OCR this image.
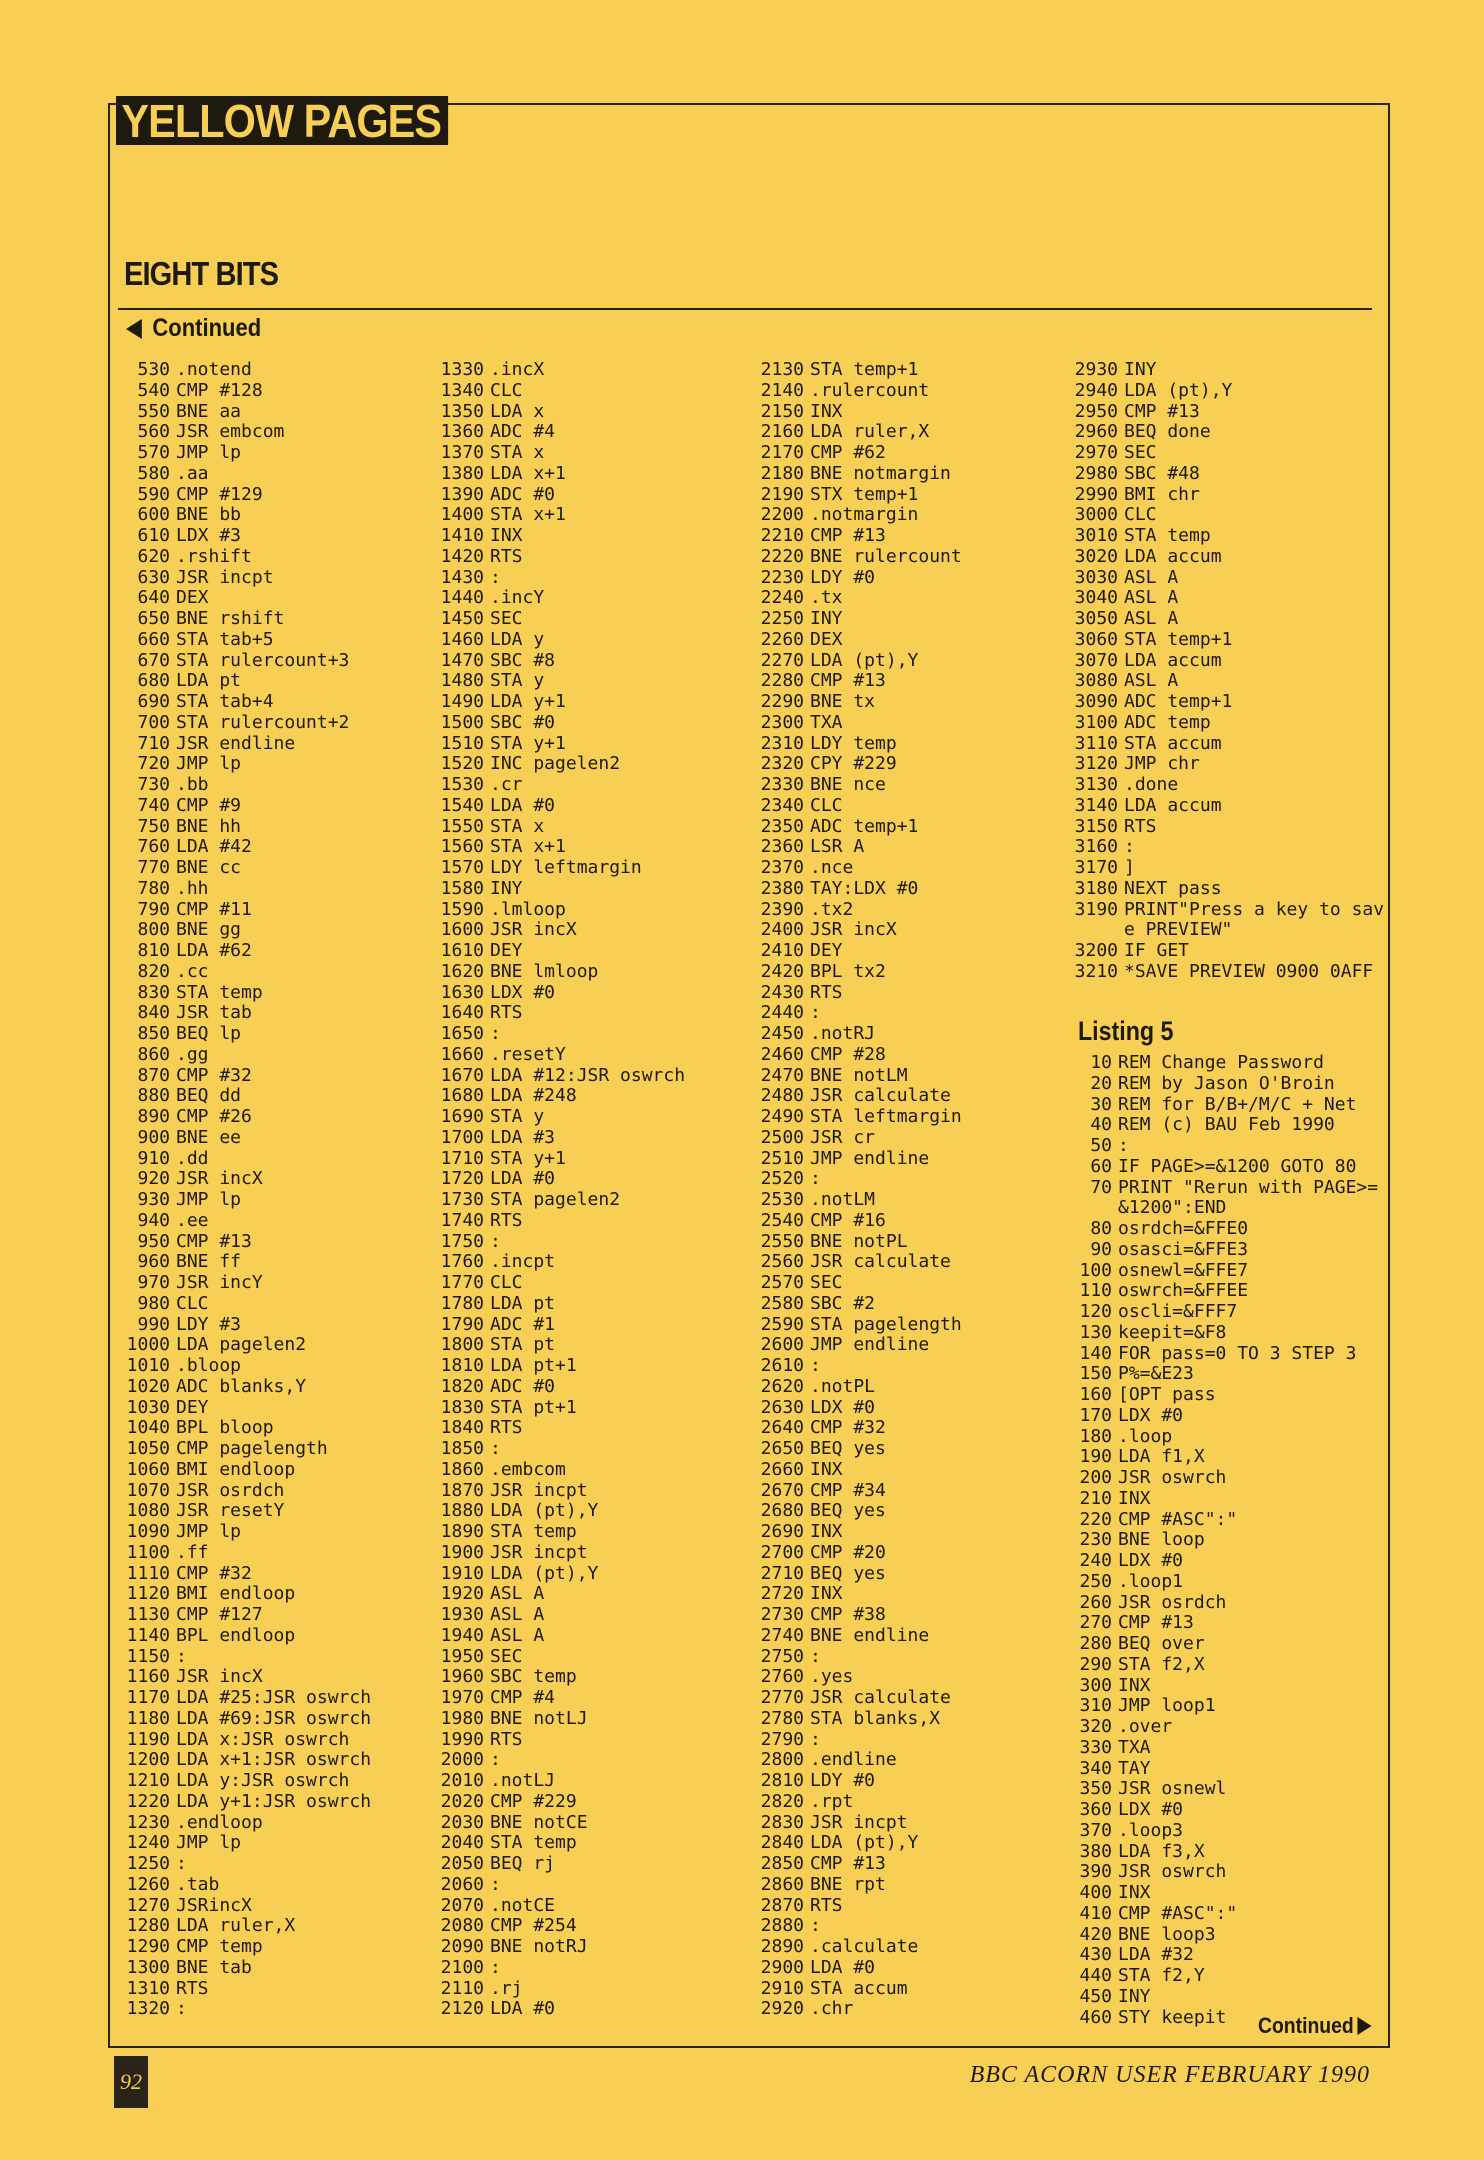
YELLOW PAGES
EIGHT BITS
Continued
530 .notend
540 CMP #128
550 BNE aa
560 JSR embcom
570 JMP lp
580 .aa
590 CMP #129
600 BNE bb
610 LDX #3
620 .rshift
630 JSR incpt
640 DEX
650 BNE rshift
660 STA tab+5
670 STA rulercount+3
680 LDA pt
690 STA tab+4
700 STA rulercount+2
710 JSR endline
720 JMP lp
730 .bb
740 CMP #9
750 BNE hh
760 LDA #42
770 BNE cc
780 .hh
790 CMP #11
800 BNE gg
810 LDA #62
820 .cc
830 STA temp
840 JSR tab
850 BEQ lp
860 .gg
870 CMP #32
880 BEQ dd
890 CMP #26
900 BNE ee
910 .dd
920 JSR incX
930 JMP lp
940 .ee
950 CMP #13
960 BNE ff
970 JSR incY
980 CLC
990 LDY #3
1000 LDA pagelen2
1010 .bloop
1020 ADC blanks,Y
1030 DEY
1040 BPL bloop
1050 CMP pagelength
1060 BMI endloop
1070 JSR osrdch
1080 JSR resetY
1090 JMP lp
1100 .ff
1110 CMP #32
1120 BMI endloop
1130 CMP #127
1140 BPL endloop
1150 :
1160 JSR incX
1170 LDA #25:JSR oswrch
1180 LDA #69:JSR oswrch
1190 LDA x:JSR oswrch
1200 LDA x+1:JSR oswrch
1210 LDA y:JSR oswrch
1220 LDA y+1:JSR oswrch
1230 .endloop
1240 JMP lp
1250 :
1260 .tab
1270 JSRincX
1280 LDA ruler,X
1290 CMP temp
1300 BNE tab
1310 RTS
1320 :
1330 .incX
1340 CLC
1350 LDA x
1360 ADC #4
1370 STA x
1380 LDA x+1
1390 ADC #0
1400 STA x+1
1410 INX
1420 RTS
1430 :
1440 .incY
1450 SEC
1460 LDA y
1470 SBC #8
1480 STA y
1490 LDA y+1
1500 SBC #0
1510 STA y+1
1520 INC pagelen2
1530 .cr
1540 LDA #0
1550 STA x
1560 STA x+1
1570 LDY leftmargin
1580 INY
1590 .lmloop
1600 JSR incX
1610 DEY
1620 BNE lmloop
1630 LDX #0
1640 RTS
1650 :
1660 .resetY
1670 LDA #12:JSR oswrch
1680 LDA #248
1690 STA y
1700 LDA #3
1710 STA y+1
1720 LDA #0
1730 STA pagelen2
1740 RTS
1750 :
1760 .incpt
1770 CLC
1780 LDA pt
1790 ADC #1
1800 STA pt
1810 LDA pt+1
1820 ADC #0
1830 STA pt+1
1840 RTS
1850 :
1860 .embcom
1870 JSR incpt
1880 LDA (pt),Y
1890 STA temp
1900 JSR incpt
1910 LDA (pt),Y
1920 ASL A
1930 ASL A
1940 ASL A
1950 SEC
1960 SBC temp
1970 CMP #4
1980 BNE notLJ
1990 RTS
2000 :
2010 .notLJ
2020 CMP #229
2030 BNE notCE
2040 STA temp
2050 BEQ rj
2060 :
2070 .notCE
2080 CMP #254
2090 BNE notRJ
2100 :
2110 .rj
2120 LDA #0
2130 STA temp+1
2140 .rulercount
2150 INX
2160 LDA ruler,X
2170 CMP #62
2180 BNE notmargin
2190 STX temp+1
2200 .notmargin
2210 CMP #13
2220 BNE rulercount
2230 LDY #0
2240 .tx
2250 INY
2260 DEX
2270 LDA (pt),Y
2280 CMP #13
2290 BNE tx
2300 TXA
2310 LDY temp
2320 CPY #229
2330 BNE nce
2340 CLC
2350 ADC temp+1
2360 LSR A
2370 .nce
2380 TAY:LDX #0
2390 .tx2
2400 JSR incX
2410 DEY
2420 BPL tx2
2430 RTS
2440 :
2450 .notRJ
2460 CMP #28
2470 BNE notLM
2480 JSR calculate
2490 STA leftmargin
2500 JSR cr
2510 JMP endline
2520 :
2530 .notLM
2540 CMP #16
2550 BNE notPL
2560 JSR calculate
2570 SEC
2580 SBC #2
2590 STA pagelength
2600 JMP endline
2610 :
2620 .notPL
2630 LDX #0
2640 CMP #32
2650 BEQ yes
2660 INX
2670 CMP #34
2680 BEQ yes
2690 INX
2700 CMP #20
2710 BEQ yes
2720 INX
2730 CMP #38
2740 BNE endline
2750 :
2760 .yes
2770 JSR calculate
2780 STA blanks,X
2790 :
2800 .endline
2810 LDY #0
2820 .rpt
2830 JSR incpt
2840 LDA (pt),Y
2850 CMP #13
2860 BNE rpt
2870 RTS
2880 :
2890 .calculate
2900 LDA #0
2910 STA accum
2920 .chr
2930 INY
2940 LDA (pt),Y
2950 CMP #13
2960 BEQ done
2970 SEC
2980 SBC #48
2990 BMI chr
3000 CLC
3010 STA temp
3020 LDA accum
3030 ASL A
3040 ASL A
3050 ASL A
3060 STA temp+1
3070 LDA accum
3080 ASL A
3090 ADC temp+1
3100 ADC temp
3110 STA accum
3120 JMP chr
3130 .done
3140 LDA accum
3150 RTS
3160 :
3170 ]
3180 NEXT pass
3190 PRINT"Press a key to sav
e PREVIEW"
3200 IF GET
3210 *SAVE PREVIEW 0900 0AFF
Listing 5
10 REM Change Password
20 REM by Jason O'Broin
30 REM for B/B+/M/C + Net
40 REM (c) BAU Feb 1990
50 :
60 IF PAGE>=&1200 GOTO 80
70 PRINT "Rerun with PAGE>=
&1200":END
80 osrdch=&FFE0
90 osasci=&FFE3
100 osnewl=&FFE7
110 oswrch=&FFEE
120 oscli=&FFF7
130 keepit=&F8
140 FOR pass=0 TO 3 STEP 3
150 P%=&E23
160 [OPT pass
170 LDX #0
180 .loop
190 LDA f1,X
200 JSR oswrch
210 INX
220 CMP #ASC":"
230 BNE loop
240 LDX #0
250 .loop1
260 JSR osrdch
270 CMP #13
280 BEQ over
290 STA f2,X
300 INX
310 JMP loop1
320 .over
330 TXA
340 TAY
350 JSR osnewl
360 LDX #0
370 .loop3
380 LDA f3,X
390 JSR oswrch
400 INX
410 CMP #ASC":"
420 BNE loop3
430 LDA #32
440 STA f2,Y
450 INY
460 STY keepit	Continued
92	BBC ACORN USER FEBRUARY 1990
